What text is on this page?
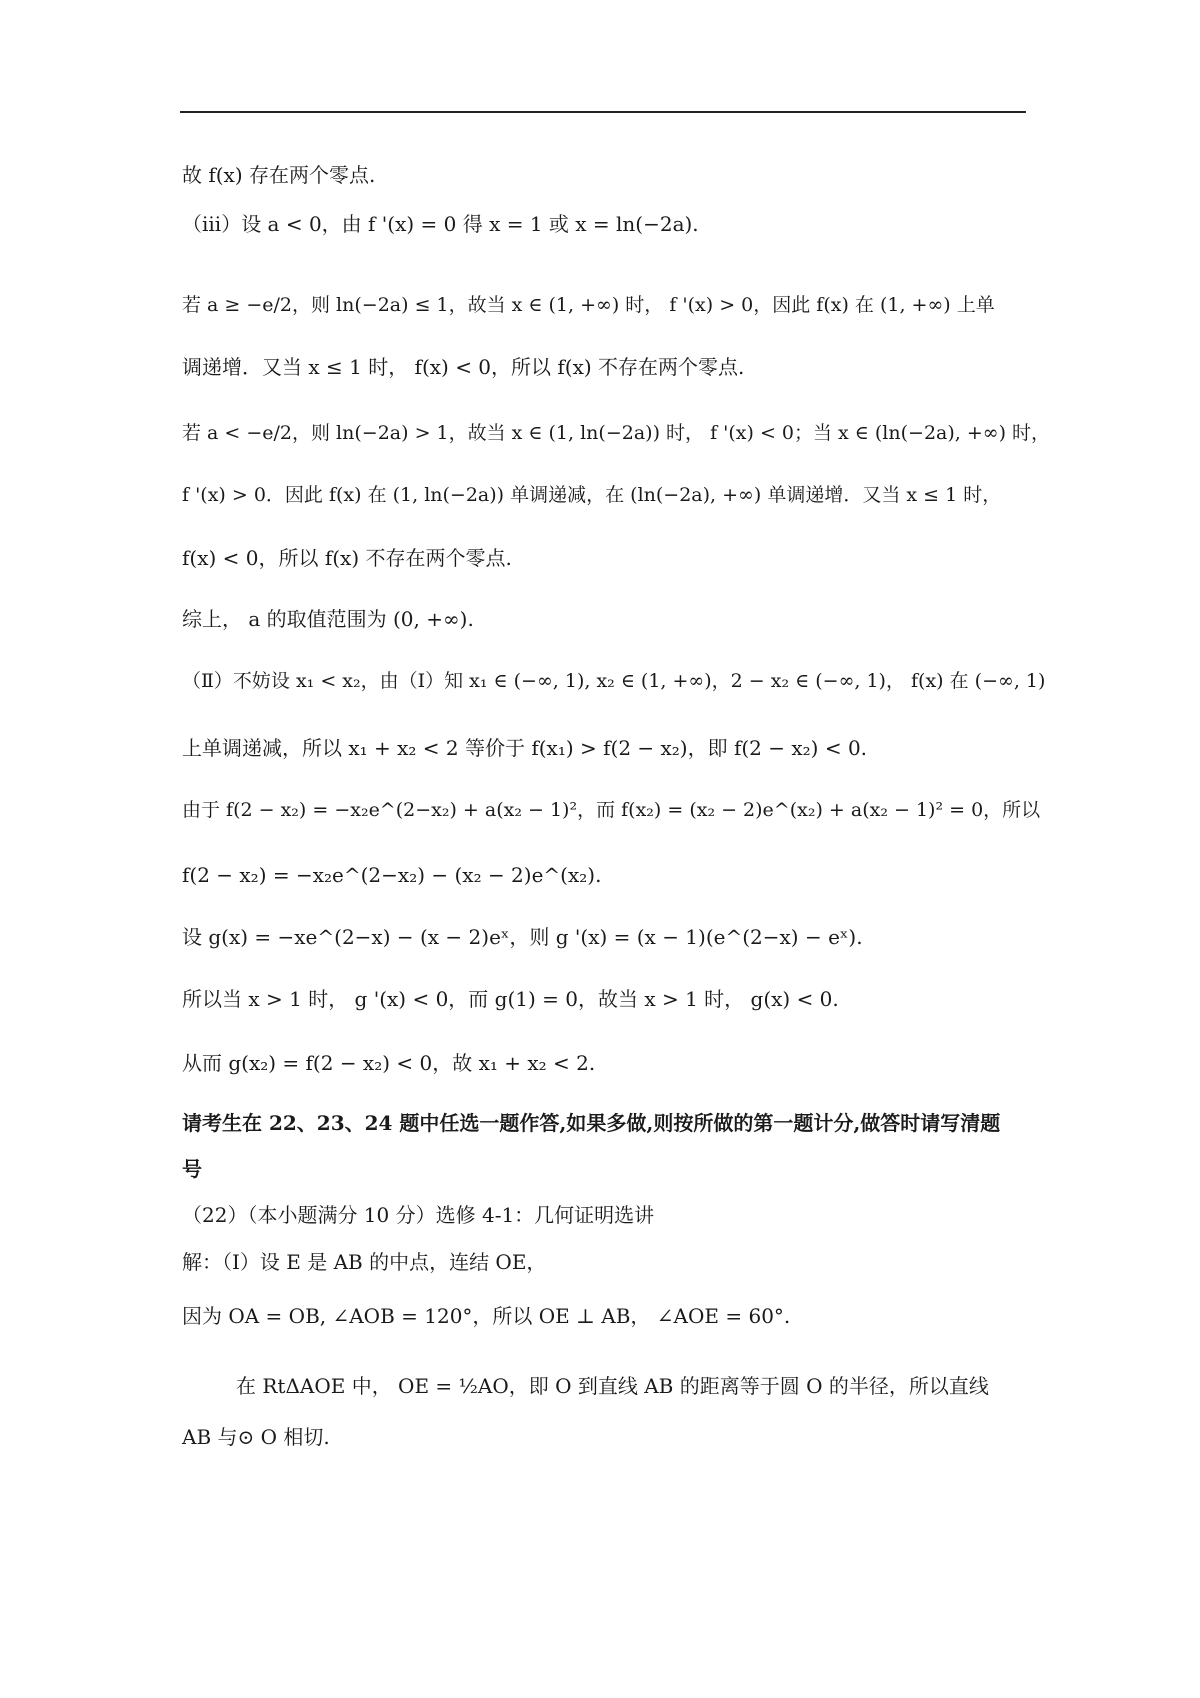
故 f(x) 存在两个零点.
（iii）设 a < 0，由 f '(x) = 0 得 x = 1 或 x = ln(−2a).
若 a ≥ −e/2，则 ln(−2a) ≤ 1，故当 x ∈ (1, +∞) 时， f '(x) > 0，因此 f(x) 在 (1, +∞) 上单
调递增．又当 x ≤ 1 时， f(x) < 0，所以 f(x) 不存在两个零点.
若 a < −e/2，则 ln(−2a) > 1，故当 x ∈ (1, ln(−2a)) 时， f '(x) < 0；当 x ∈ (ln(−2a), +∞) 时，
f '(x) > 0．因此 f(x) 在 (1, ln(−2a)) 单调递减，在 (ln(−2a), +∞) 单调递增．又当 x ≤ 1 时，
f(x) < 0，所以 f(x) 不存在两个零点.
综上， a 的取值范围为 (0, +∞).
（Ⅱ）不妨设 x₁ < x₂，由（Ⅰ）知 x₁ ∈ (−∞, 1), x₂ ∈ (1, +∞)，2 − x₂ ∈ (−∞, 1)， f(x) 在 (−∞, 1)
上单调递减，所以 x₁ + x₂ < 2 等价于 f(x₁) > f(2 − x₂)，即 f(2 − x₂) < 0.
由于 f(2 − x₂) = −x₂e^(2−x₂) + a(x₂ − 1)²，而 f(x₂) = (x₂ − 2)e^(x₂) + a(x₂ − 1)² = 0，所以
f(2 − x₂) = −x₂e^(2−x₂) − (x₂ − 2)e^(x₂).
设 g(x) = −xe^(2−x) − (x − 2)eˣ，则 g '(x) = (x − 1)(e^(2−x) − eˣ).
所以当 x > 1 时， g '(x) < 0，而 g(1) = 0，故当 x > 1 时， g(x) < 0.
从而 g(x₂) = f(2 − x₂) < 0，故 x₁ + x₂ < 2.
请考生在 22、23、24 题中任选一题作答,如果多做,则按所做的第一题计分,做答时请写清题
号
（22）（本小题满分 10 分）选修 4-1：几何证明选讲
解：（Ⅰ）设 E 是 AB 的中点，连结 OE，
因为 OA = OB, ∠AOB = 120°，所以 OE ⊥ AB， ∠AOE = 60°.
在 RtΔAOE 中， OE = ½AO，即 O 到直线 AB 的距离等于圆 O 的半径，所以直线
AB 与⊙ O 相切.
